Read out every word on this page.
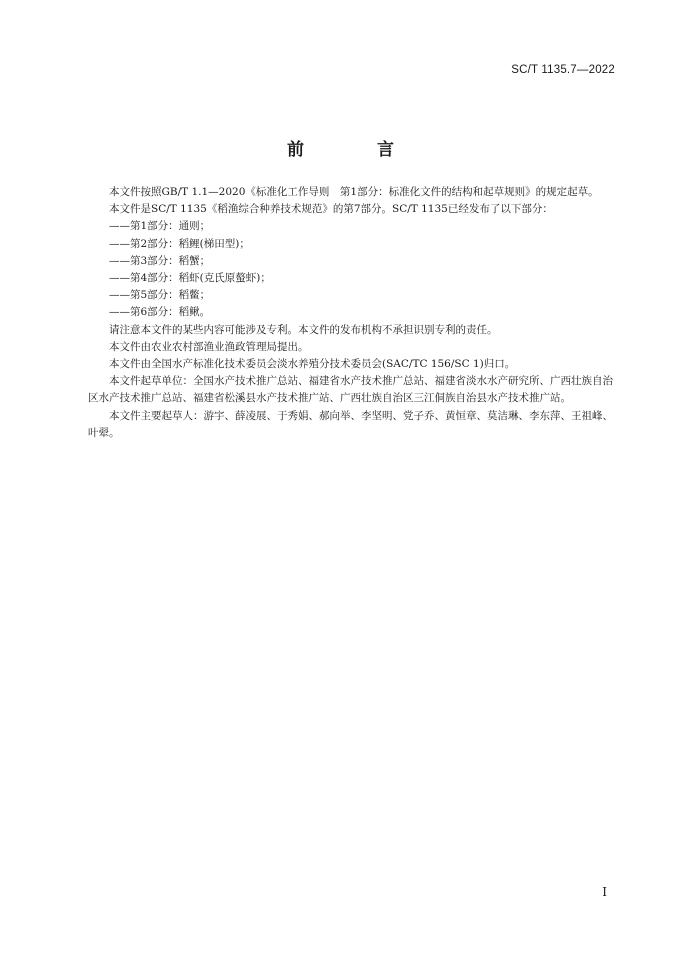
SC/T 1135.7—2022
前　言

本文件按照GB/T 1.1—2020《标准化工作导则　第1部分：标准化文件的结构和起草规则》的规定起草。

本文件是SC/T 1135《稻渔综合种养技术规范》的第7部分。SC/T 1135已经发布了以下部分：

——第1部分：通则；

——第2部分：稻鲤(梯田型)；

——第3部分：稻蟹；

——第4部分：稻虾(克氏原螯虾)；

——第5部分：稻鳖；

——第6部分：稻鳅。

请注意本文件的某些内容可能涉及专利。本文件的发布机构不承担识别专利的责任。

本文件由农业农村部渔业渔政管理局提出。

本文件由全国水产标准化技术委员会淡水养殖分技术委员会(SAC/TC 156/SC 1)归口。

本文件起草单位：全国水产技术推广总站、福建省水产技术推广总站、福建省淡水水产研究所、广西壮族自治区水产技术推广总站、福建省松溪县水产技术推广站、广西壮族自治区三江侗族自治县水产技术推广站。

本文件主要起草人：游宇、薛凌展、于秀娟、郝向举、李坚明、党子乔、黄恒章、莫洁琳、李东萍、王祖峰、叶翚。

I
